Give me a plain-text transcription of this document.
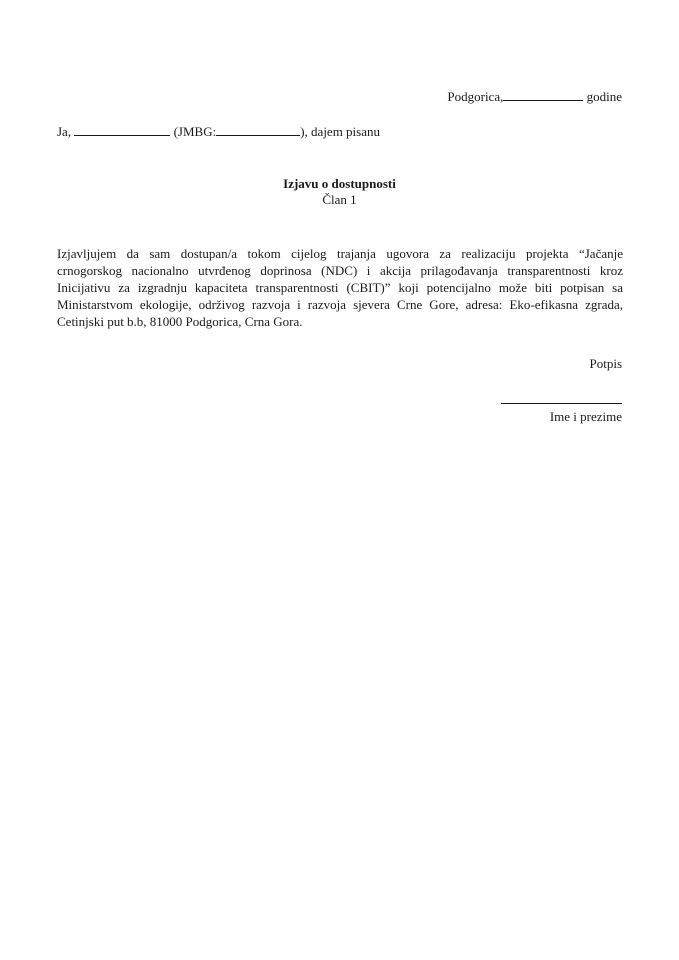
Podgorica,	godine
Ja,	(JMBG:	), dajem pisanu
Izjavu o dostupnosti
Član 1
Izjavljujem da sam dostupan/a tokom cijelog trajanja ugovora za realizaciju projekta “Jačanje
crnogorskog nacionalno utvrđenog doprinosa (NDC) i akcija prilagođavanja transparentnosti kroz
Inicijativu za izgradnju kapaciteta transparentnosti (CBIT)” koji potencijalno može biti potpisan sa
Ministarstvom ekologije, održivog razvoja i razvoja sjevera Crne Gore, adresa: Eko-efikasna zgrada,
Cetinjski put b.b, 81000 Podgorica, Crna Gora.
Potpis
Ime i prezime
